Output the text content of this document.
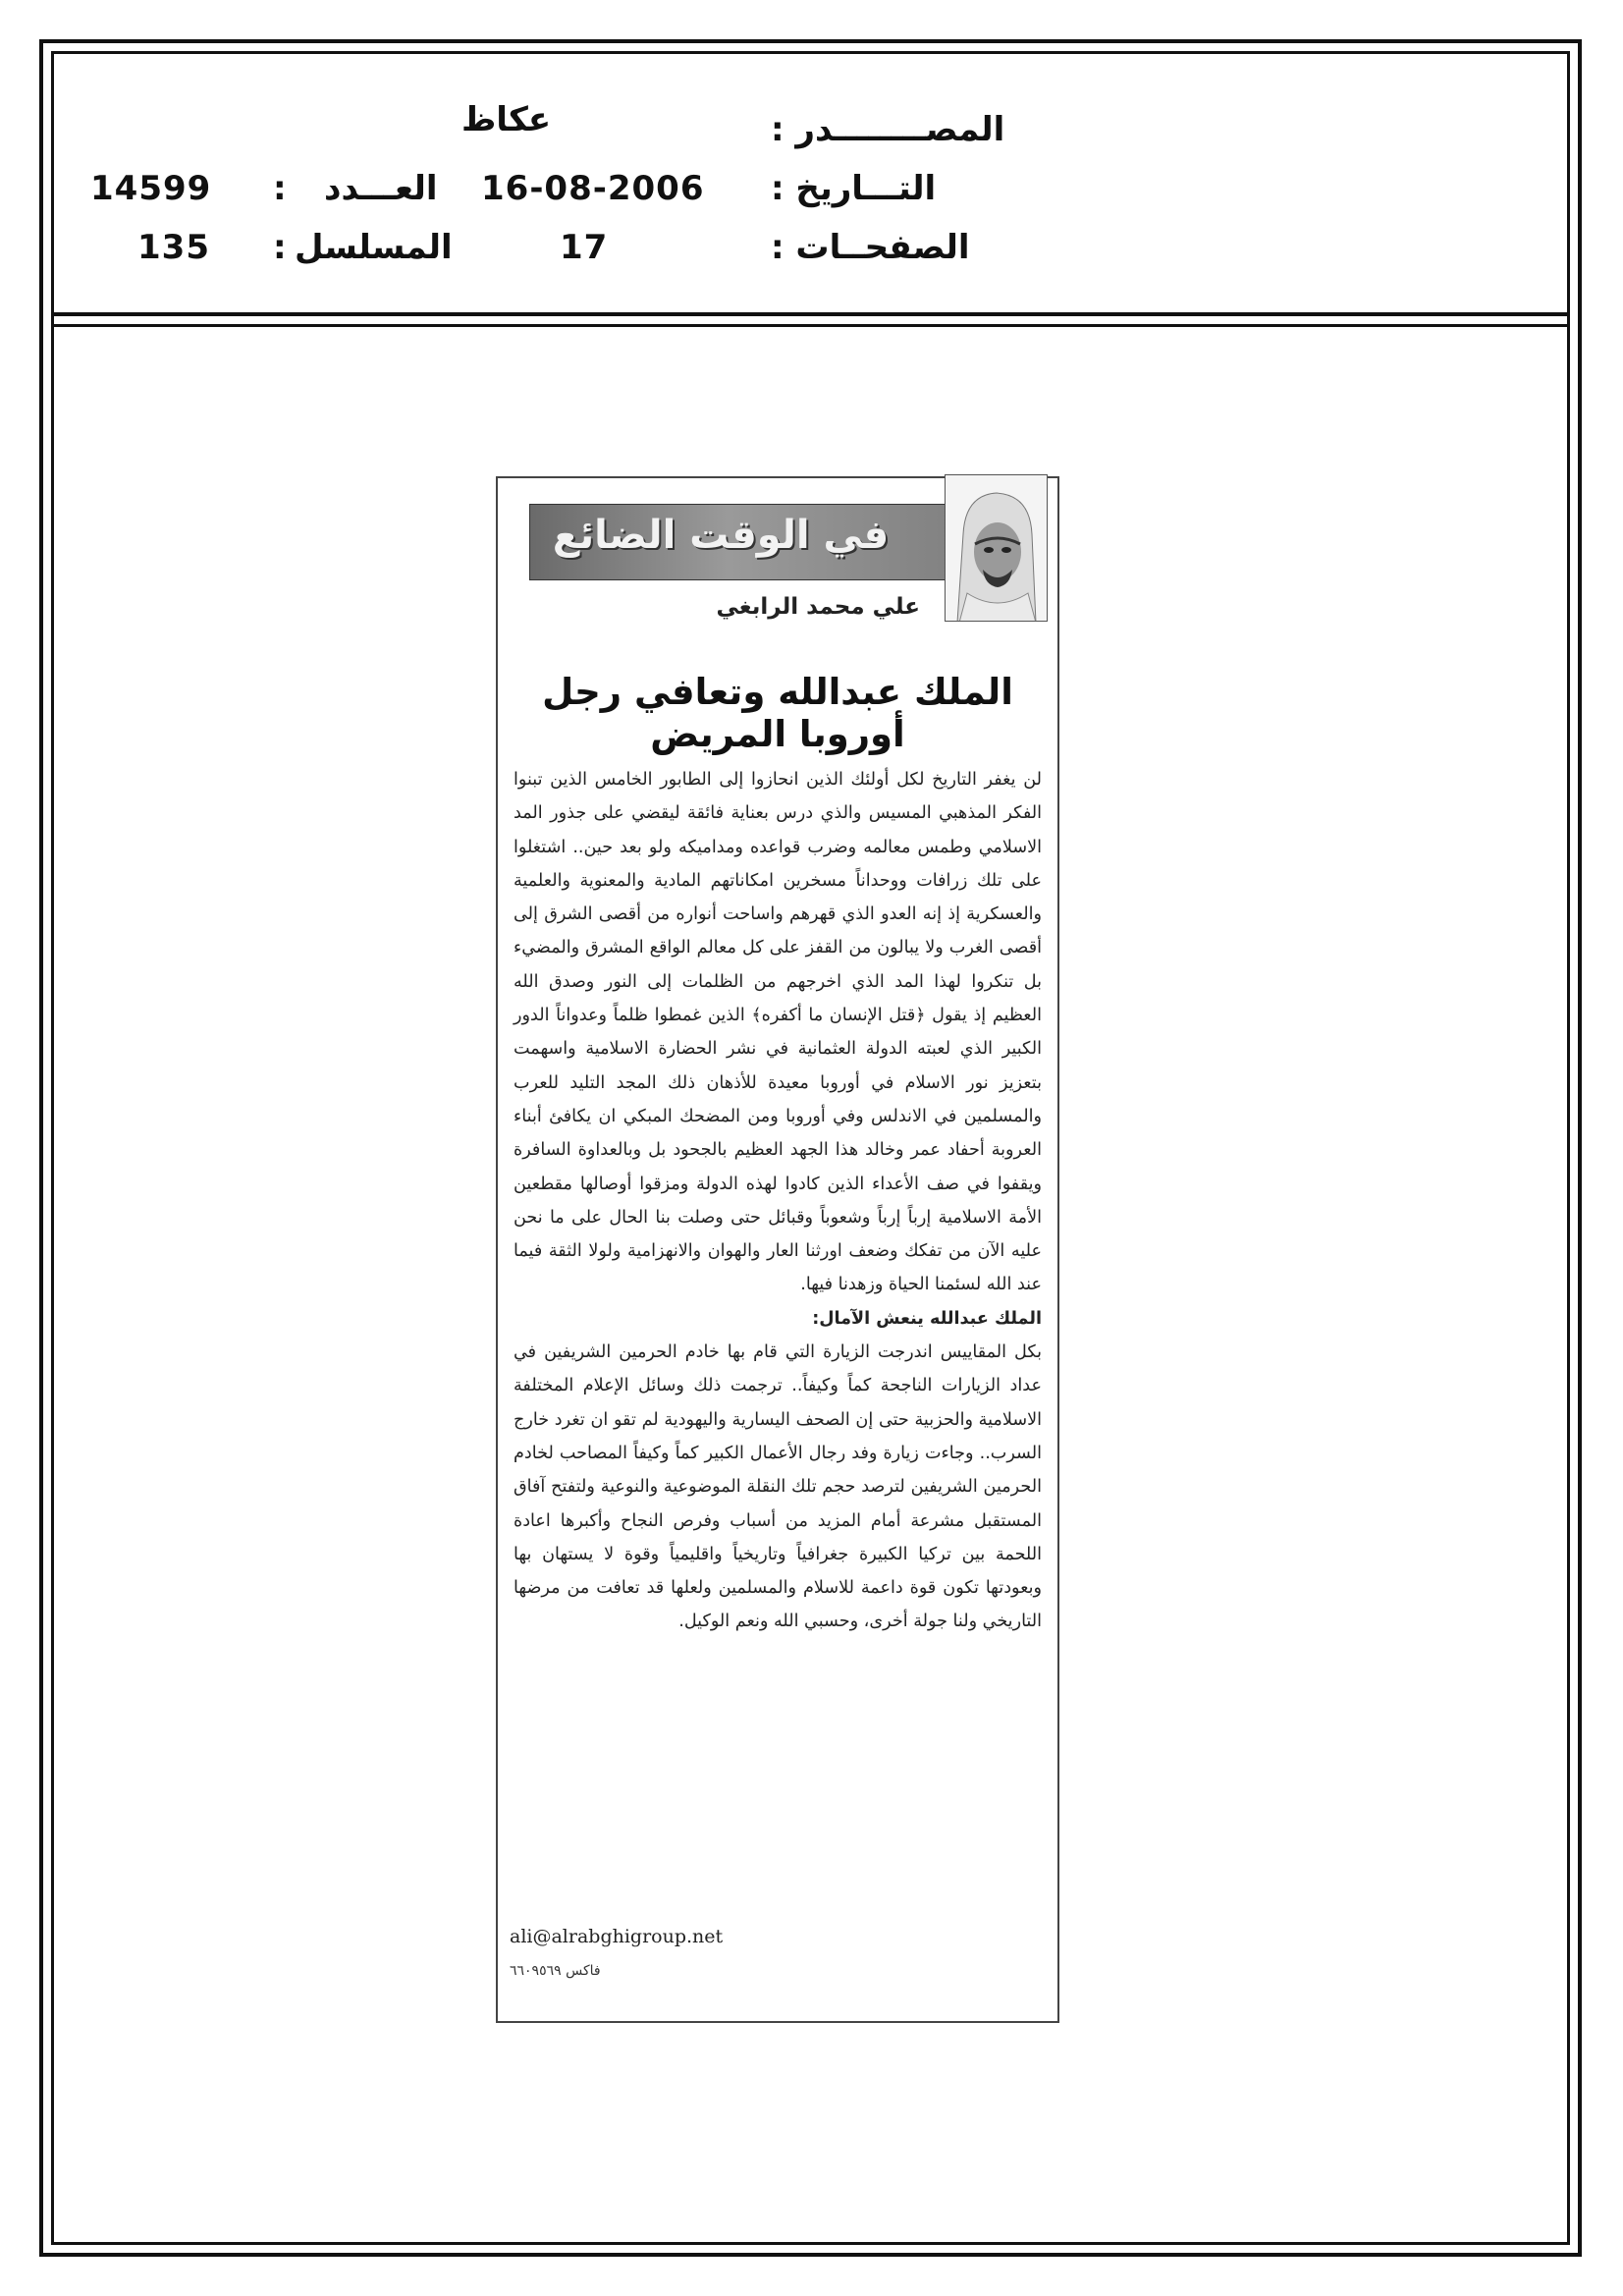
المصــــــــدر :
عكاظ
التـــاريخ :
16-08-2006
العـــدد
:
14599
الصفحــات :
17
المسلسل
:
135
في الوقت الضائع
علي محمد الرابغي
الملك عبدالله وتعافي رجل أوروبا المريض

لن يغفر التاريخ لكل أولئك الذين انحازوا إلى الطابور الخامس الذين تبنوا الفكر المذهبي المسيس والذي درس بعناية فائقة ليقضي على جذور المد الاسلامي وطمس معالمه وضرب قواعده ومداميكه ولو بعد حين.. اشتغلوا على تلك زرافات ووحداناً مسخرين امكاناتهم المادية والمعنوية والعلمية والعسكرية إذ إنه العدو الذي قهرهم واساحت أنواره من أقصى الشرق إلى أقصى الغرب ولا يبالون من القفز على كل معالم الواقع المشرق والمضيء بل تنكروا لهذا المد الذي اخرجهم من الظلمات إلى النور وصدق الله العظيم إذ يقول ﴿قتل الإنسان ما أكفره﴾ الذين غمطوا ظلماً وعدواناً الدور الكبير الذي لعبته الدولة العثمانية في نشر الحضارة الاسلامية واسهمت بتعزيز نور الاسلام في أوروبا معيدة للأذهان ذلك المجد التليد للعرب والمسلمين في الاندلس وفي أوروبا ومن المضحك المبكي ان يكافئ أبناء العروبة أحفاد عمر وخالد هذا الجهد العظيم بالجحود بل وبالعداوة السافرة ويقفوا في صف الأعداء الذين كادوا لهذه الدولة ومزقوا أوصالها مقطعين الأمة الاسلامية إرباً إرباً وشعوباً وقبائل حتى وصلت بنا الحال على ما نحن عليه الآن من تفكك وضعف اورثنا العار والهوان والانهزامية ولولا الثقة فيما عند الله لسئمنا الحياة وزهدنا فيها.

الملك عبدالله ينعش الآمال:

بكل المقاييس اندرجت الزيارة التي قام بها خادم الحرمين الشريفين في عداد الزيارات الناجحة كماً وكيفاً.. ترجمت ذلك وسائل الإعلام المختلفة الاسلامية والحزبية حتى إن الصحف اليسارية واليهودية لم تقو ان تغرد خارج السرب.. وجاءت زيارة وفد رجال الأعمال الكبير كماً وكيفاً المصاحب لخادم الحرمين الشريفين لترصد حجم تلك النقلة الموضوعية والنوعية ولتفتح آفاق المستقبل مشرعة أمام المزيد من أسباب وفرص النجاح وأكبرها اعادة اللحمة بين تركيا الكبيرة جغرافياً وتاريخياً واقليمياً وقوة لا يستهان بها وبعودتها تكون قوة داعمة للاسلام والمسلمين ولعلها قد تعافت من مرضها التاريخي ولنا جولة أخرى، وحسبي الله ونعم الوكيل.

ali@alrabghigroup.net
فاكس ٦٦٠٩٥٦٩
